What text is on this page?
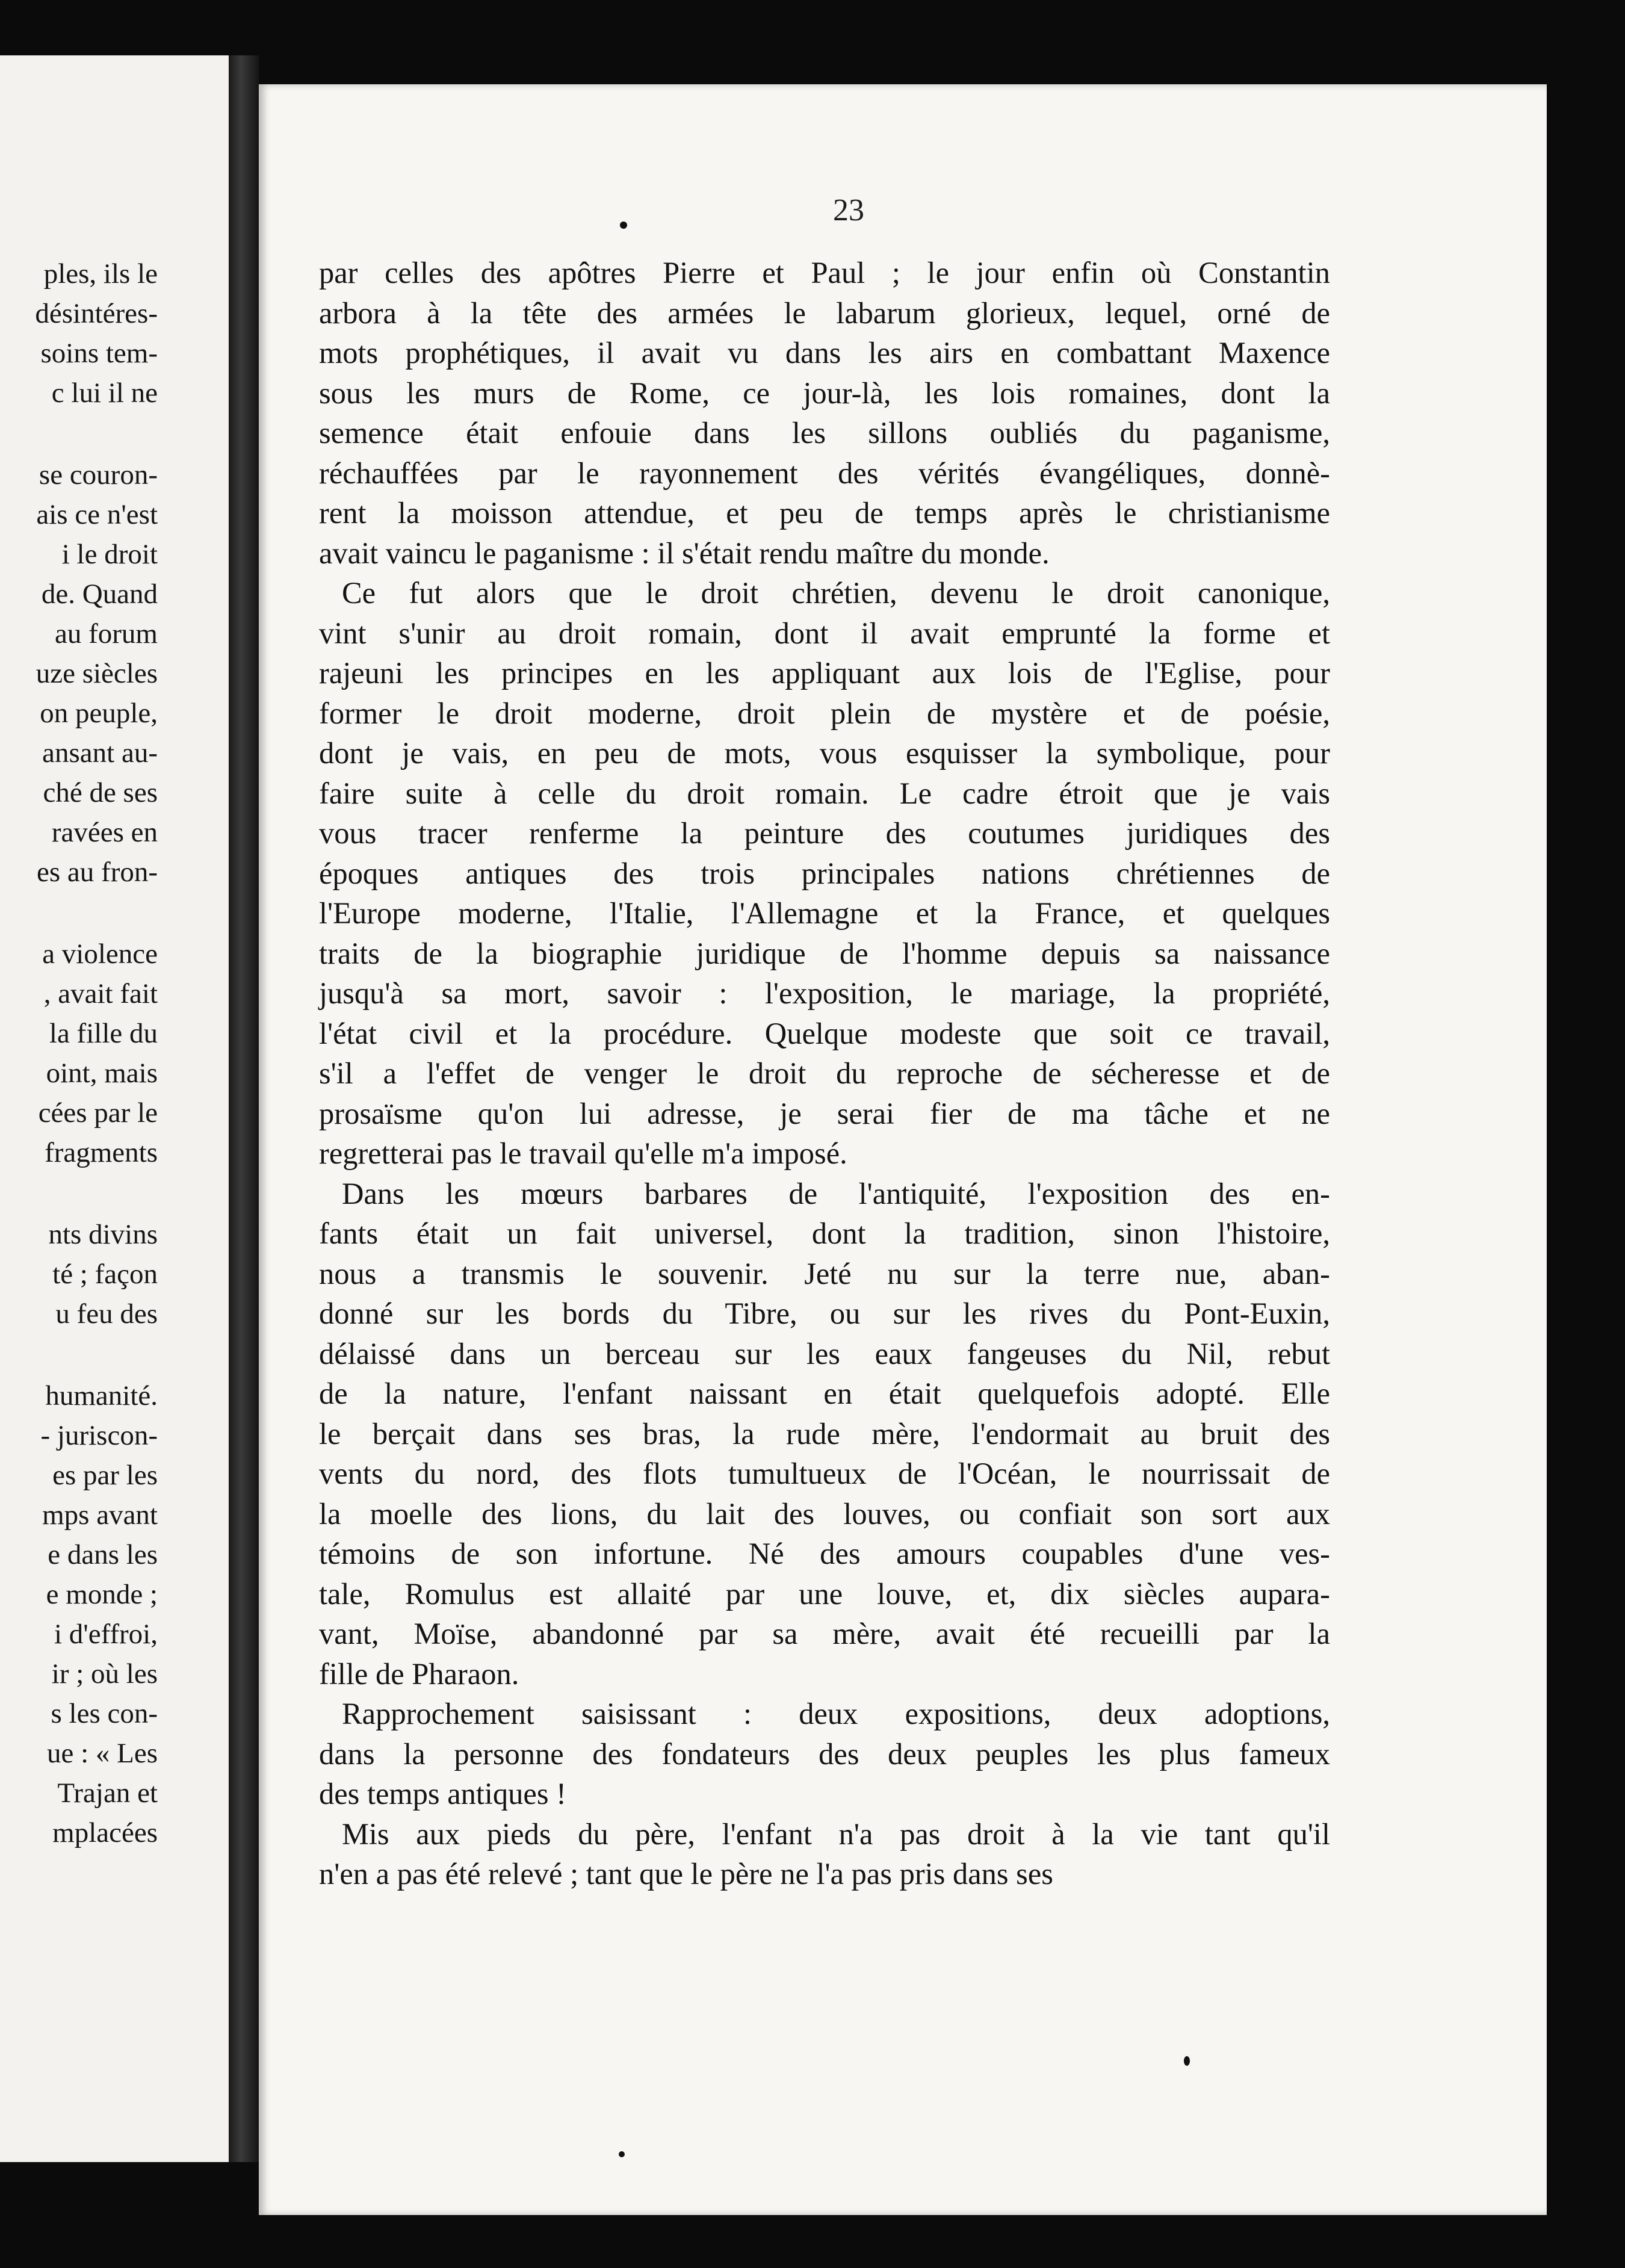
ples, ils le
désintéres-
soins tem-
c lui il ne
se couron-
ais ce n'est
i le droit
de. Quand
au forum
uze siècles
on peuple,
ansant au-
ché de ses
ravées en
es au fron-
a violence
, avait fait
la fille du
oint, mais
cées par le
fragments
nts divins
té ; façon
u feu des
humanité.
- juriscon-
es par les
mps avant
e dans les
e monde ;
i d'effroi,
ir ; où les
s les con-
ue : « Les
Trajan et
mplacées
23
par celles des apôtres Pierre et Paul ; le jour enfin où Constantin
arbora à la tête des armées le labarum glorieux, lequel, orné de
mots prophétiques, il avait vu dans les airs en combattant Maxence
sous les murs de Rome, ce jour-là, les lois romaines, dont la
semence était enfouie dans les sillons oubliés du paganisme,
réchauffées par le rayonnement des vérités évangéliques, donnè-
rent la moisson attendue, et peu de temps après le christianisme
avait vaincu le paganisme : il s'était rendu maître du monde.
Ce fut alors que le droit chrétien, devenu le droit canonique,
vint s'unir au droit romain, dont il avait emprunté la forme et
rajeuni les principes en les appliquant aux lois de l'Eglise, pour
former le droit moderne, droit plein de mystère et de poésie,
dont je vais, en peu de mots, vous esquisser la symbolique, pour
faire suite à celle du droit romain. Le cadre étroit que je vais
vous tracer renferme la peinture des coutumes juridiques des
époques antiques des trois principales nations chrétiennes de
l'Europe moderne, l'Italie, l'Allemagne et la France, et quelques
traits de la biographie juridique de l'homme depuis sa naissance
jusqu'à sa mort, savoir : l'exposition, le mariage, la propriété,
l'état civil et la procédure. Quelque modeste que soit ce travail,
s'il a l'effet de venger le droit du reproche de sécheresse et de
prosaïsme qu'on lui adresse, je serai fier de ma tâche et ne
regretterai pas le travail qu'elle m'a imposé.
Dans les mœurs barbares de l'antiquité, l'exposition des en-
fants était un fait universel, dont la tradition, sinon l'histoire,
nous a transmis le souvenir. Jeté nu sur la terre nue, aban-
donné sur les bords du Tibre, ou sur les rives du Pont-Euxin,
délaissé dans un berceau sur les eaux fangeuses du Nil, rebut
de la nature, l'enfant naissant en était quelquefois adopté. Elle
le berçait dans ses bras, la rude mère, l'endormait au bruit des
vents du nord, des flots tumultueux de l'Océan, le nourrissait de
la moelle des lions, du lait des louves, ou confiait son sort aux
témoins de son infortune. Né des amours coupables d'une ves-
tale, Romulus est allaité par une louve, et, dix siècles aupara-
vant, Moïse, abandonné par sa mère, avait été recueilli par la
fille de Pharaon.
Rapprochement saisissant : deux expositions, deux adoptions,
dans la personne des fondateurs des deux peuples les plus fameux
des temps antiques !
Mis aux pieds du père, l'enfant n'a pas droit à la vie tant qu'il
n'en a pas été relevé ; tant que le père ne l'a pas pris dans ses
